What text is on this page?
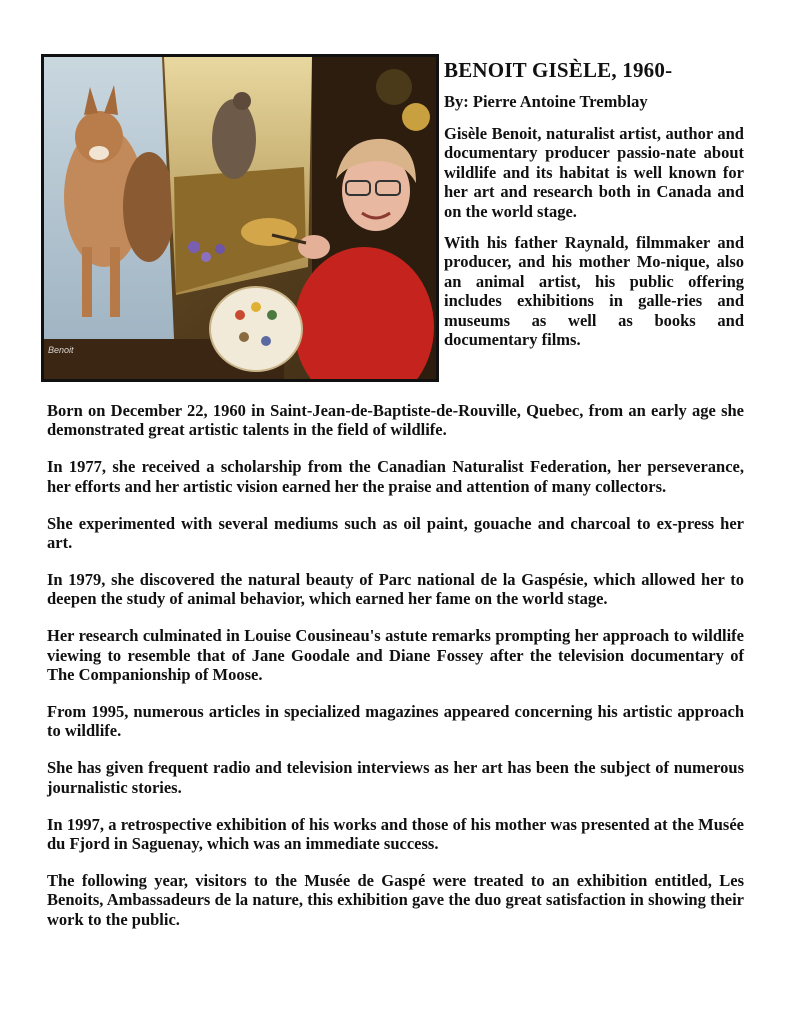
Benoit
BENOIT GISÈLE, 1960-
By: Pierre Antoine Tremblay

Gisèle Benoit, naturalist artist, author and documentary producer passio-nate about wildlife and its habitat is well known for her art and research both in Canada and on the world stage.

With his father Raynald, filmmaker and producer, and his mother Mo-nique, also an animal artist, his public offering includes exhibitions in galle-ries and museums as well as books and documentary films.

Born on December 22, 1960 in Saint-Jean-de-Baptiste-de-Rouville, Quebec, from an early age she demonstrated great artistic talents in the field of wildlife.

In 1977, she received a scholarship from the Canadian Naturalist Federation, her perseverance, her efforts and her artistic vision earned her the praise and attention of many collectors.

She experimented with several mediums such as oil paint, gouache and charcoal to ex-press her art.

In 1979, she discovered the natural beauty of Parc national de la Gaspésie, which allowed her to deepen the study of animal behavior, which earned her fame on the world stage.

Her research culminated in Louise Cousineau's astute remarks prompting her approach to wildlife viewing to resemble that of Jane Goodale and Diane Fossey after the television documentary of The Companionship of Moose.

From 1995, numerous articles in specialized magazines appeared concerning his artistic approach to wildlife.

She has given frequent radio and television interviews as her art has been the subject of numerous journalistic stories.

In 1997, a retrospective exhibition of his works and those of his mother was presented at the Musée du Fjord in Saguenay, which was an immediate success.

The following year, visitors to the Musée de Gaspé were treated to an exhibition entitled, Les Benoits, Ambassadeurs de la nature, this exhibition gave the duo great satisfaction in showing their work to the public.
